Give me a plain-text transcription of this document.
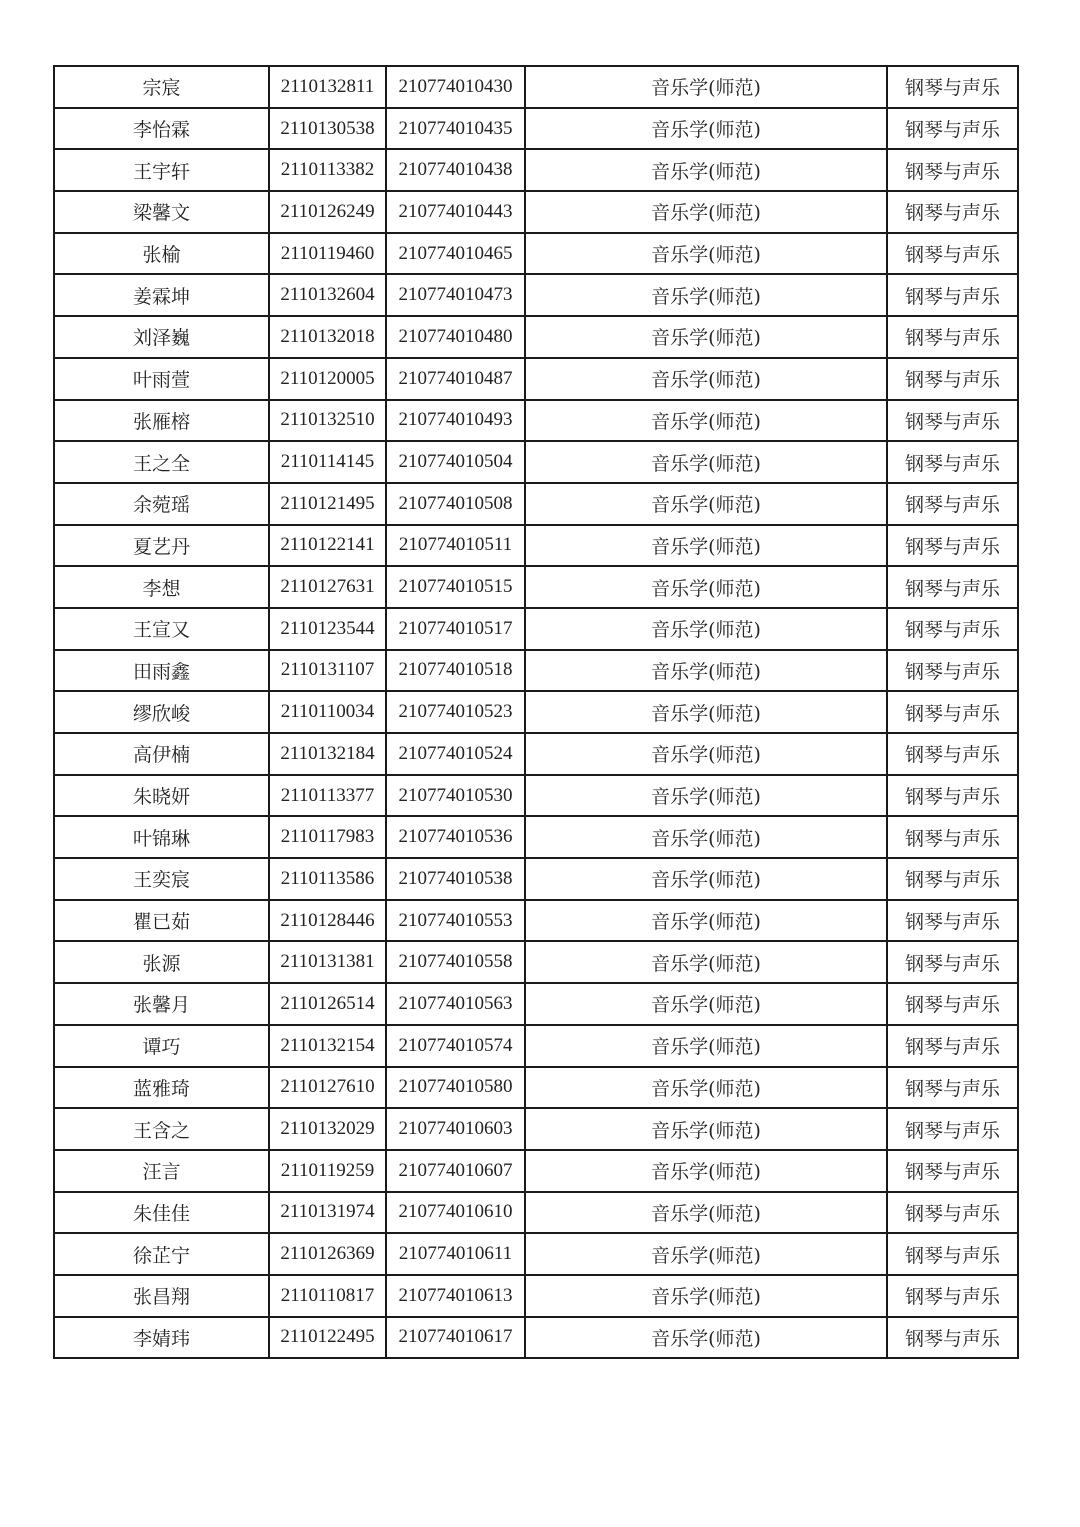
宗宸	2110132811	210774010430	音乐学(师范)	钢琴与声乐
李怡霖	2110130538	210774010435	音乐学(师范)	钢琴与声乐
王宇轩	2110113382	210774010438	音乐学(师范)	钢琴与声乐
梁馨文	2110126249	210774010443	音乐学(师范)	钢琴与声乐
张榆	2110119460	210774010465	音乐学(师范)	钢琴与声乐
姜霖坤	2110132604	210774010473	音乐学(师范)	钢琴与声乐
刘泽巍	2110132018	210774010480	音乐学(师范)	钢琴与声乐
叶雨萱	2110120005	210774010487	音乐学(师范)	钢琴与声乐
张雁榕	2110132510	210774010493	音乐学(师范)	钢琴与声乐
王之全	2110114145	210774010504	音乐学(师范)	钢琴与声乐
余菀瑶	2110121495	210774010508	音乐学(师范)	钢琴与声乐
夏艺丹	2110122141	210774010511	音乐学(师范)	钢琴与声乐
李想	2110127631	210774010515	音乐学(师范)	钢琴与声乐
王宣又	2110123544	210774010517	音乐学(师范)	钢琴与声乐
田雨鑫	2110131107	210774010518	音乐学(师范)	钢琴与声乐
缪欣峻	2110110034	210774010523	音乐学(师范)	钢琴与声乐
高伊楠	2110132184	210774010524	音乐学(师范)	钢琴与声乐
朱晓妍	2110113377	210774010530	音乐学(师范)	钢琴与声乐
叶锦琳	2110117983	210774010536	音乐学(师范)	钢琴与声乐
王奕宸	2110113586	210774010538	音乐学(师范)	钢琴与声乐
瞿已茹	2110128446	210774010553	音乐学(师范)	钢琴与声乐
张源	2110131381	210774010558	音乐学(师范)	钢琴与声乐
张馨月	2110126514	210774010563	音乐学(师范)	钢琴与声乐
谭巧	2110132154	210774010574	音乐学(师范)	钢琴与声乐
蓝雅琦	2110127610	210774010580	音乐学(师范)	钢琴与声乐
王含之	2110132029	210774010603	音乐学(师范)	钢琴与声乐
汪言	2110119259	210774010607	音乐学(师范)	钢琴与声乐
朱佳佳	2110131974	210774010610	音乐学(师范)	钢琴与声乐
徐芷宁	2110126369	210774010611	音乐学(师范)	钢琴与声乐
张昌翔	2110110817	210774010613	音乐学(师范)	钢琴与声乐
李婧玮	2110122495	210774010617	音乐学(师范)	钢琴与声乐
